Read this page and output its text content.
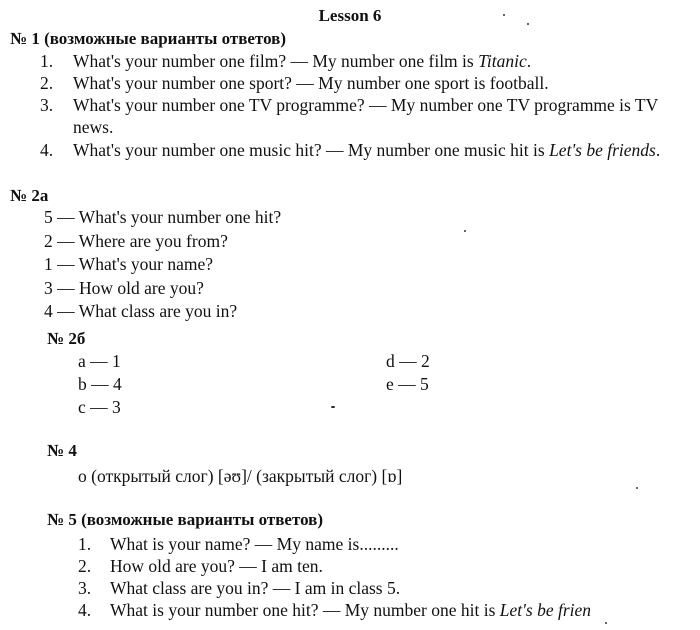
Lesson 6
№ 1 (возможные варианты ответов)
1.	What's your number one film? — My number one film is Titanic.
2.	What's your number one sport? — My number one sport is football.
3.	What's your number one TV programme? — My number one TV programme is TV news.
4.	What's your number one music hit? — My number one music hit is Let's be friends.
№ 2а
5 — What's your number one hit?
2 — Where are you from?
1 — What's your name?
3 — How old are you?
4 — What class are you in?
№ 2б
a — 1
b — 4
c — 3
d — 2
e — 5
№ 4
o (открытый слог) [əʊ]/ (закрытый слог) [ɒ]
№ 5 (возможные варианты ответов)
1.	What is your name? — My name is.........
2.	How old are you? — I am ten.
3.	What class are you in? — I am in class 5.
4.	What is your number one hit? — My number one hit is Let's be frien
